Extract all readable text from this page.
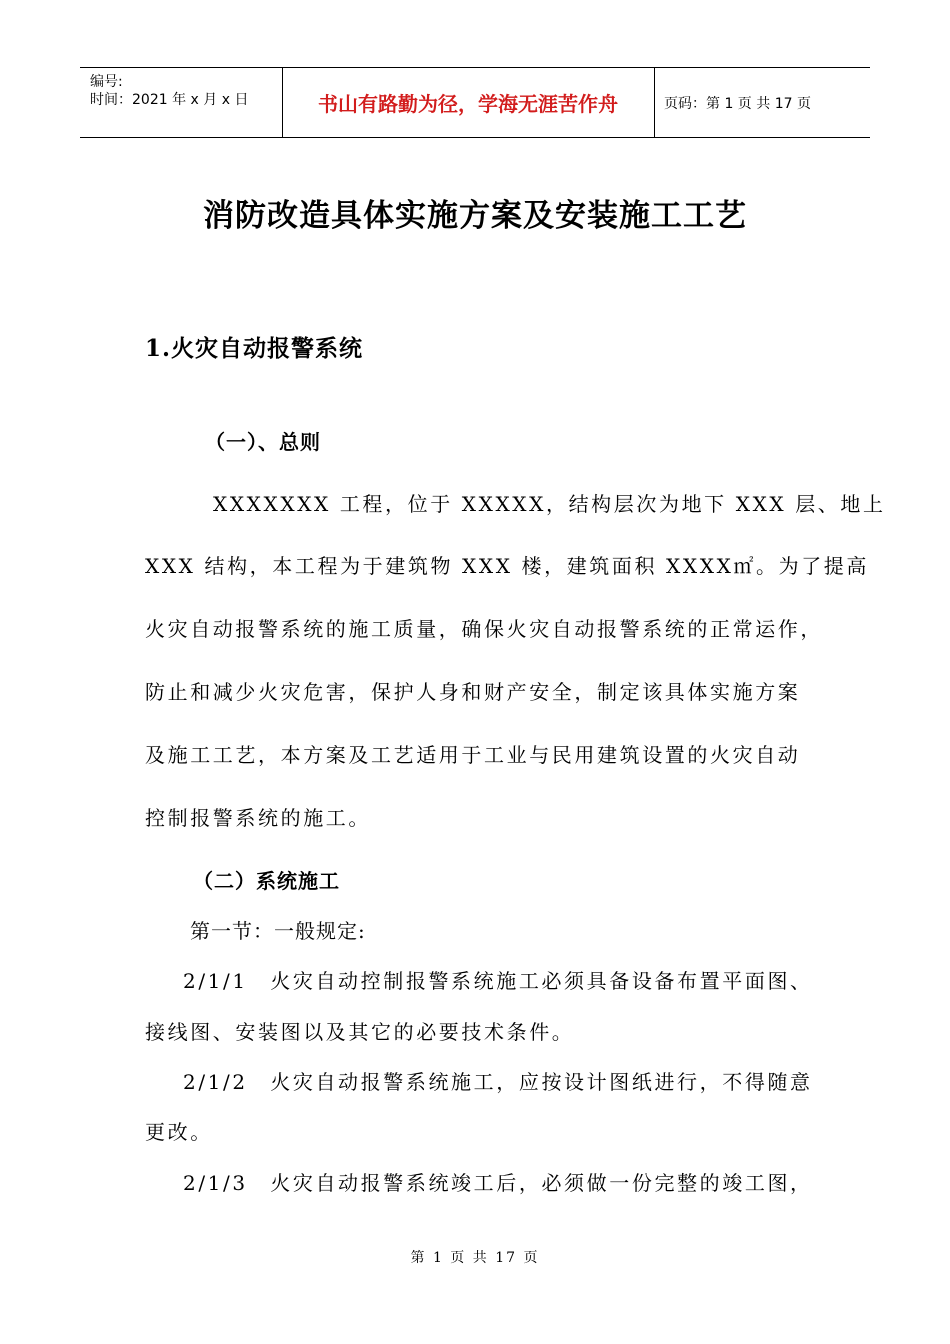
编号:
时间：2021 年 x 月 x 日	书山有路勤为径，学海无涯苦作舟	页码：第 1 页 共 17 页
消防改造具体实施方案及安装施工工艺
1.火灾自动报警系统
（一）、总则
XXXXXXX 工程，位于 XXXXX，结构层次为地下 XXX 层、地上
XXX 结构，本工程为于建筑物 XXX 楼，建筑面积 XXXX㎡。为了提高
火灾自动报警系统的施工质量，确保火灾自动报警系统的正常运作，
防止和减少火灾危害，保护人身和财产安全，制定该具体实施方案
及施工工艺，本方案及工艺适用于工业与民用建筑设置的火灾自动
控制报警系统的施工。
（二）系统施工
第一节：一般规定:
2/1/1　火灾自动控制报警系统施工必须具备设备布置平面图、
接线图、安装图以及其它的必要技术条件。
2/1/2　火灾自动报警系统施工，应按设计图纸进行，不得随意
更改。
2/1/3　火灾自动报警系统竣工后，必须做一份完整的竣工图，
第 1 页 共 17 页
